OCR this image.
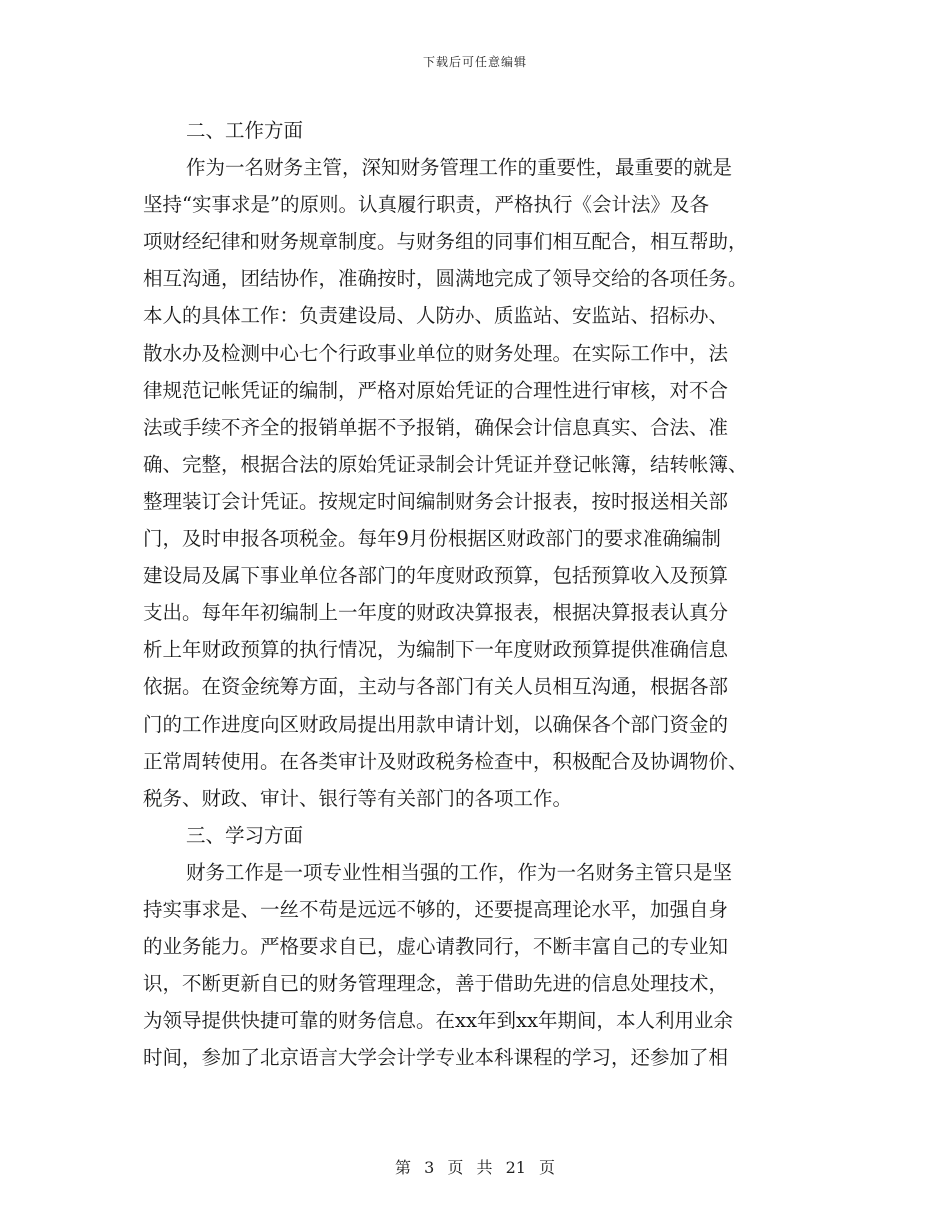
下载后可任意编辑
二、工作方面
作为一名财务主管，深知财务管理工作的重要性，最重要的就是
坚持“实事求是”的原则。认真履行职责，严格执行《会计法》及各
项财经纪律和财务规章制度。与财务组的同事们相互配合，相互帮助，
相互沟通，团结协作，准确按时，圆满地完成了领导交给的各项任务。
本人的具体工作：负责建设局、人防办、质监站、安监站、招标办、
散水办及检测中心七个行政事业单位的财务处理。在实际工作中，法
律规范记帐凭证的编制，严格对原始凭证的合理性进行审核，对不合
法或手续不齐全的报销单据不予报销，确保会计信息真实、合法、准
确、完整，根据合法的原始凭证录制会计凭证并登记帐簿，结转帐簿、
整理装订会计凭证。按规定时间编制财务会计报表，按时报送相关部
门，及时申报各项税金。每年9月份根据区财政部门的要求准确编制
建设局及属下事业单位各部门的年度财政预算，包括预算收入及预算
支出。每年年初编制上一年度的财政决算报表，根据决算报表认真分
析上年财政预算的执行情况，为编制下一年度财政预算提供准确信息
依据。在资金统筹方面，主动与各部门有关人员相互沟通，根据各部
门的工作进度向区财政局提出用款申请计划，以确保各个部门资金的
正常周转使用。在各类审计及财政税务检查中，积极配合及协调物价、
税务、财政、审计、银行等有关部门的各项工作。
三、学习方面
财务工作是一项专业性相当强的工作，作为一名财务主管只是坚
持实事求是、一丝不苟是远远不够的，还要提高理论水平，加强自身
的业务能力。严格要求自已，虚心请教同行，不断丰富自己的专业知
识，不断更新自已的财务管理理念，善于借助先进的信息处理技术，
为领导提供快捷可靠的财务信息。在xx年到xx年期间，本人利用业余
时间，参加了北京语言大学会计学专业本科课程的学习，还参加了相
第 3 页 共 21 页
